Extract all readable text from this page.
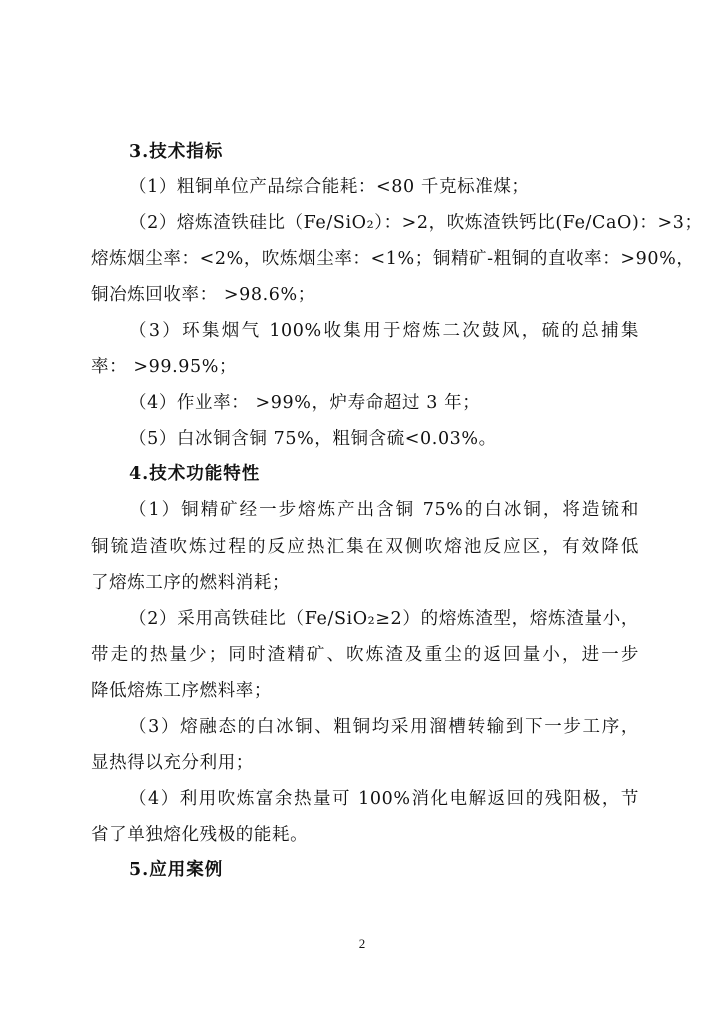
3.技术指标
（1）粗铜单位产品综合能耗：<80 千克标准煤；
（2）熔炼渣铁硅比（Fe/SiO₂）：>2，吹炼渣铁钙比(Fe/CaO)：>3；
熔炼烟尘率：<2%，吹炼烟尘率：<1%；铜精矿-粗铜的直收率：>90%，
铜冶炼回收率： >98.6%；
（3）环集烟气 100%收集用于熔炼二次鼓风，硫的总捕集
率： >99.95%；
（4）作业率： >99%，炉寿命超过 3 年；
（5）白冰铜含铜 75%，粗铜含硫<0.03%。
4.技术功能特性
（1）铜精矿经一步熔炼产出含铜 75%的白冰铜，将造锍和
铜锍造渣吹炼过程的反应热汇集在双侧吹熔池反应区，有效降低
了熔炼工序的燃料消耗；
（2）采用高铁硅比（Fe/SiO₂≥2）的熔炼渣型，熔炼渣量小，
带走的热量少；同时渣精矿、吹炼渣及重尘的返回量小，进一步
降低熔炼工序燃料率；
（3）熔融态的白冰铜、粗铜均采用溜槽转输到下一步工序，
显热得以充分利用；
（4）利用吹炼富余热量可 100%消化电解返回的残阳极，节
省了单独熔化残极的能耗。
5.应用案例
2
